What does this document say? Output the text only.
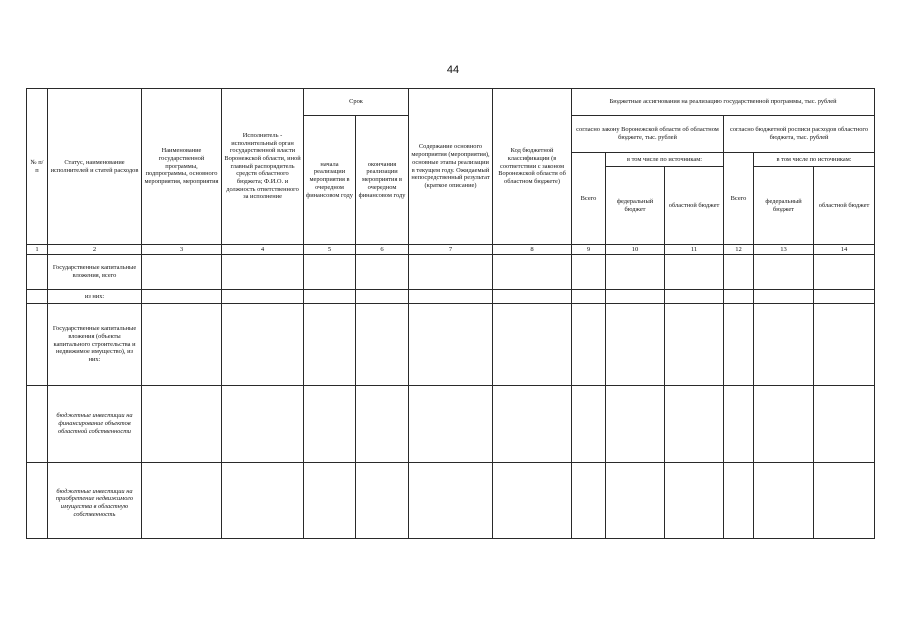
44
№ п/п	Статус, наименование исполнителей и статей расходов	Наименование государственной программы, подпрограммы, основного мероприятия, мероприятия	Исполнитель - исполнительный орган государственной власти Воронежской области, иной главный распорядитель средств областного бюджета; Ф.И.О. и должность ответственного за исполнение	Срок		Содержание основного мероприятия (мероприятия), основные этапы реализации в текущем году. Ожидаемый непосредственный результат (краткое описание)	Код бюджетной классификации (в соответствии с законом Воронежской области об областном бюджете)	Бюджетные ассигнования на реализацию государственной программы, тыс. рублей					
				начала реализации мероприятия в очередном финансовом году	окончания реализации мероприятия в очередном финансовом году			согласно закону Воронежской области об областном бюджете, тыс. рублей			согласно бюджетной росписи расходов областного бюджета, тыс. рублей		
								Всего	в том числе по источникам:		Всего	в том числе по источникам:	
									федеральный бюджет	областной бюджет		федеральный бюджет	областной бюджет
1	2	3	4	5	6	7	8	9	10	11	12	13	14
	Государственные капитальные вложения, всего												
	из них:												
	Государственные капитальные вложения (объекты капитального строительства и недвижимое имущество), из них:												
	бюджетные инвестиции на финансирование объектов областной собственности												
	бюджетные инвестиции на приобретение недвижимого имущества в областную собственность												
